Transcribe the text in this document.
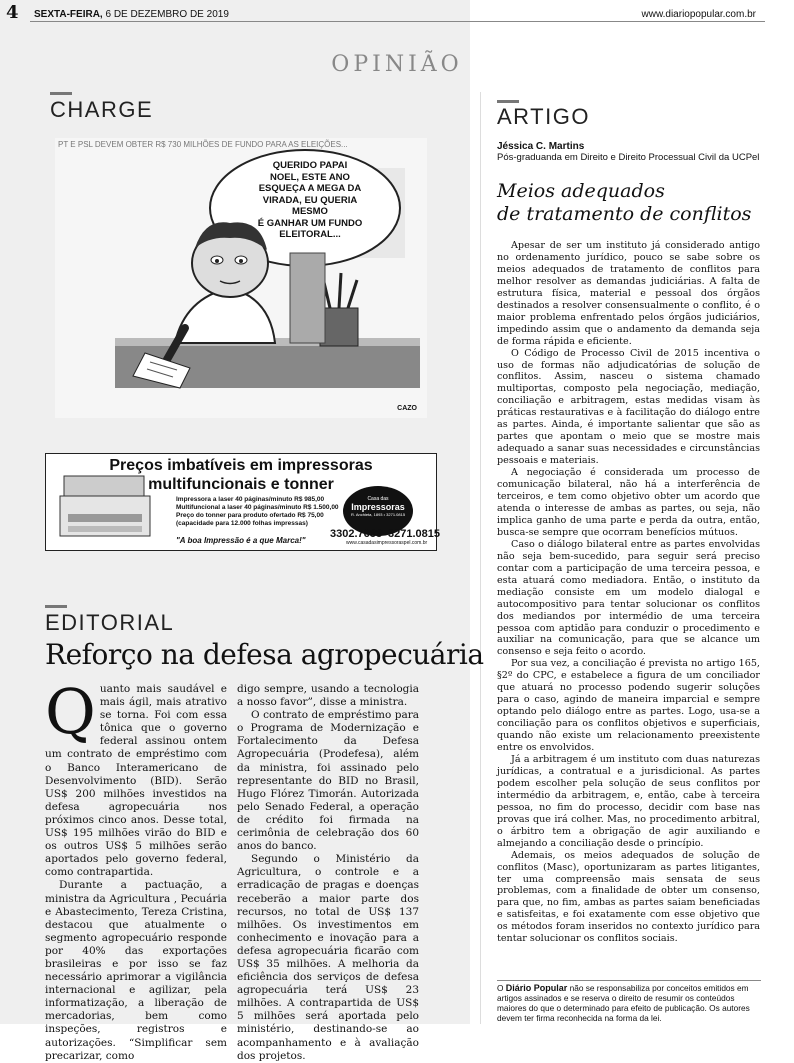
4 SEXTA-FEIRA, 6 DE DEZEMBRO DE 2019	www.diariopopular.com.br
OPINIÃO
CHARGE
QUERIDO PAPAI
NOEL, ESTE ANO
ESQUEÇA A MEGA DA
VIRADA, EU QUERIA MESMO
É GANHAR UM FUNDO
ELEITORAL...
CAZO
PT E PSL DEVEM OBTER R$ 730 MILHÕES DE FUNDO PARA AS ELEIÇÕES...
Preços imbatíveis em impressoras
multifuncionais e tonner
Impressora a laser 40 páginas/minuto R$ 985,00
Multifuncional a laser 40 páginas/minuto R$ 1.500,00
Preço do tonner para produto ofertado R$ 75,00
(capacidade para 12.000 folhas impressas)
"A boa Impressão é a que Marca!"
Casa das
Impressoras
R. Anchieta, 1893 • 3271.0815
3302.7633 3271.0815
www.casadasimpressoraspel.com.br
EDITORIAL
Reforço na defesa agropecuária

Quanto mais saudável e mais ágil, mais atrativo se torna. Foi com essa tônica que o governo federal assinou ontem um contrato de empréstimo com o Banco Interamericano de Desenvolvimento (BID). Serão US$ 200 milhões investidos na defesa agropecuária nos próximos cinco anos. Desse total, US$ 195 milhões virão do BID e os outros US$ 5 milhões serão aportados pelo governo federal, como contrapartida.

Durante a pactuação, a ministra da Agricultura , Pecuária e Abastecimento, Tereza Cristina, destacou que atualmente o segmento agropecuário responde por 40% das exportações brasileiras e por isso se faz necessário aprimorar a vigilância internacional e agilizar, pela informatização, a liberação de mercadorias, bem como inspeções, registros e autorizações. “Simplificar sem precarizar, como

digo sempre, usando a tecnologia a nosso favor”, disse a ministra.

O contrato de empréstimo para o Programa de Modernização e Fortalecimento da Defesa Agropecuária (Prodefesa), além da ministra, foi assinado pelo representante do BID no Brasil, Hugo Flórez Timorán. Autorizada pelo Senado Federal, a operação de crédito foi firmada na cerimônia de celebração dos 60 anos do banco.

Segundo o Ministério da Agricultura, o controle e a erradicação de pragas e doenças receberão a maior parte dos recursos, no total de US$ 137 milhões. Os investimentos em conhecimento e inovação para a defesa agropecuária ficarão com US$ 35 milhões. A melhoria da eficiência dos serviços de defesa agropecuária terá US$ 23 milhões. A contrapartida de US$ 5 milhões será aportada pelo ministério, destinando-se ao acompanhamento e à avaliação dos projetos.

ARTIGO
Jéssica C. Martins
Pós-graduanda em Direito e Direito Processual Civil da UCPel
Meios adequados
de tratamento de conflitos

Apesar de ser um instituto já considerado antigo no ordenamento jurídico, pouco se sabe sobre os meios adequados de tratamento de conflitos para melhor resolver as demandas judiciárias. A falta de estrutura física, material e pessoal dos órgãos destinados a resolver consensualmente o conflito, é o maior problema enfrentado pelos órgãos judiciários, impedindo assim que o andamento da demanda seja de forma rápida e eficiente.

O Código de Processo Civil de 2015 incentiva o uso de formas não adjudicatórias de solução de conflitos. Assim, nasceu o sistema chamado multiportas, composto pela negociação, mediação, conciliação e arbitragem, estas medidas visam às práticas restaurativas e à facilitação do diálogo entre as partes. Ainda, é importante salientar que são as partes que apontam o meio que se mostre mais adequado a sanar suas necessidades e circunstâncias pessoais e materiais.

A negociação é considerada um processo de comunicação bilateral, não há a interferência de terceiros, e tem como objetivo obter um acordo que atenda o interesse de ambas as partes, ou seja, não implica ganho de uma parte e perda da outra, então, busca-se sempre que ocorram benefícios mútuos.

Caso o diálogo bilateral entre as partes envolvidas não seja bem-sucedido, para seguir será preciso contar com a participação de uma terceira pessoa, e esta atuará como mediadora. Então, o instituto da mediação consiste em um modelo dialogal e autocompositivo para tentar solucionar os conflitos dos mediandos por intermédio de uma terceira pessoa com aptidão para conduzir o procedimento e auxiliar na comunicação, para que se alcance um consenso e seja feito o acordo.

Por sua vez, a conciliação é prevista no artigo 165, §2º do CPC, e estabelece a figura de um conciliador que atuará no processo podendo sugerir soluções para o caso, agindo de maneira imparcial e sempre optando pelo diálogo entre as partes. Logo, usa-se a conciliação para os conflitos objetivos e superficiais, quando não existe um relacionamento preexistente entre os envolvidos.

Já a arbitragem é um instituto com duas naturezas jurídicas, a contratual e a jurisdicional. As partes podem escolher pela solução de seus conflitos por intermédio da arbitragem, e, então, cabe à terceira pessoa, no fim do processo, decidir com base nas provas que irá colher. Mas, no procedimento arbitral, o árbitro tem a obrigação de agir auxiliando e almejando a conciliação desde o princípio.

Ademais, os meios adequados de solução de conflitos (Masc), oportunizaram as partes litigantes, ter uma compreensão mais sensata de seus problemas, com a finalidade de obter um consenso, para que, no fim, ambas as partes saiam beneficiadas e satisfeitas, e foi exatamente com esse objetivo que os métodos foram inseridos no contexto jurídico para tentar solucionar os conflitos sociais.

O Diário Popular não se responsabiliza por conceitos emitidos em artigos assinados e se reserva o direito de resumir os conteúdos maiores do que o determinado para efeito de publicação. Os autores devem ter firma reconhecida na forma da lei.
